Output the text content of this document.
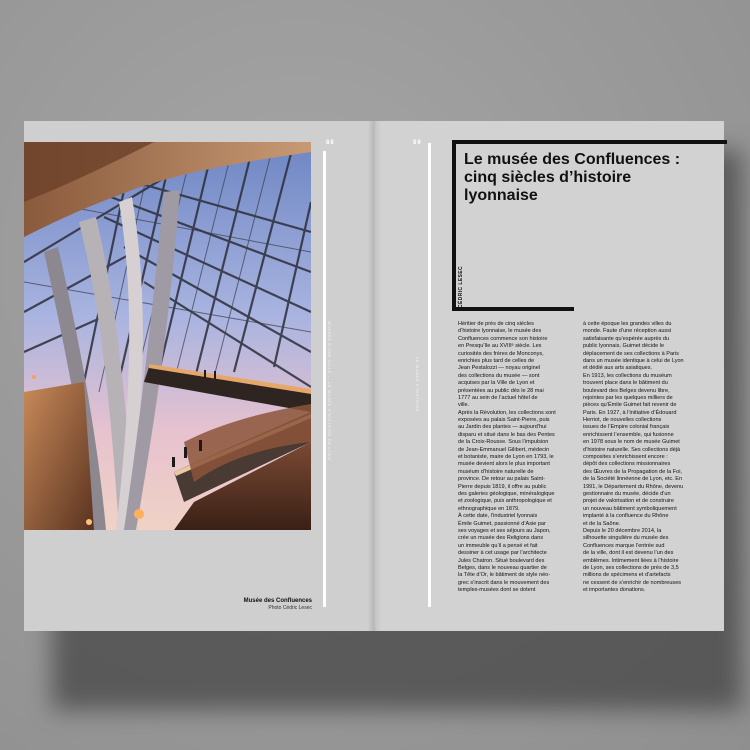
Musée des Confluences
Photo Cédric Lesec
88
MUSÉES D'UNE VILLE — LE MUSÉE D'HISTOIRE DE LYON
89
LE MUSÉE D'HISTOIRE
Le musée des Confluences :
cinq siècles d’histoire
lyonnaise
CÉDRIC LESEC
Héritier de près de cinq siècles
d’histoire lyonnaise, le musée des
Confluences commence son histoire
en Presqu’île au XVIIIᵉ siècle. Les
curiosités des frères de Monconys,
enrichies plus tard de celles de
Jean Pestalozzi — noyau originel
des collections du musée — sont
acquises par la Ville de Lyon et
présentées au public dès le 28 mai
1777 au sein de l’actuel hôtel de
ville.
Après la Révolution, les collections sont
exposées au palais Saint-Pierre, puis
au Jardin des plantes — aujourd’hui
disparu et situé dans le bas des Pentes
de la Croix-Rousse. Sous l’impulsion
de Jean-Emmanuel Gilibert, médecin
et botaniste, maire de Lyon en 1793, le
musée devient alors le plus important
muséum d’histoire naturelle de
province. De retour au palais Saint-
Pierre depuis 1819, il offre au public
des galeries géologique, minéralogique
et zoologique, puis anthropologique et
ethnographique en 1879.
À cette date, l’industriel lyonnais
Émile Guimet, passionné d’Asie par
ses voyages et ses séjours au Japon,
crée un musée des Religions dans
un immeuble qu’il a pensé et fait
dessiner à cet usage par l’architecte
Jules Chatron. Situé boulevard des
Belges, dans le nouveau quartier de
la Tête d’Or, le bâtiment de style néo-
grec s’inscrit dans le mouvement des
temples-musées dont se dotent
à cette époque les grandes villes du
monde. Faute d’une réception aussi
satisfaisante qu’espérée auprès du
public lyonnais, Guimet décide le
déplacement de ses collections à Paris
dans un musée identique à celui de Lyon
et dédié aux arts asiatiques.
En 1913, les collections du muséum
trouvent place dans le bâtiment du
boulevard des Belges devenu libre,
rejointes par les quelques milliers de
pièces qu’Émile Guimet fait revenir de
Paris. En 1927, à l’initiative d’Édouard
Herriot, de nouvelles collections
issues de l’Empire colonial français
enrichissent l’ensemble, qui fusionne
en 1978 sous le nom de musée Guimet
d’histoire naturelle. Ses collections déjà
composites s’enrichissent encore :
dépôt des collections missionnaires
des Œuvres de la Propagation de la Foi,
de la Société linnéenne de Lyon, etc. En
1991, le Département du Rhône, devenu
gestionnaire du musée, décide d’un
projet de valorisation et de construire
un nouveau bâtiment symboliquement
implanté à la confluence du Rhône
et de la Saône.
Depuis le 20 décembre 2014, la
silhouette singulière du musée des
Confluences marque l’entrée sud
de la ville, dont il est devenu l’un des
emblèmes. Intimement liées à l’histoire
de Lyon, ses collections de près de 3,5
millions de spécimens et d’artefacts
ne cessent de s’enrichir de nombreuses
et importantes donations.
